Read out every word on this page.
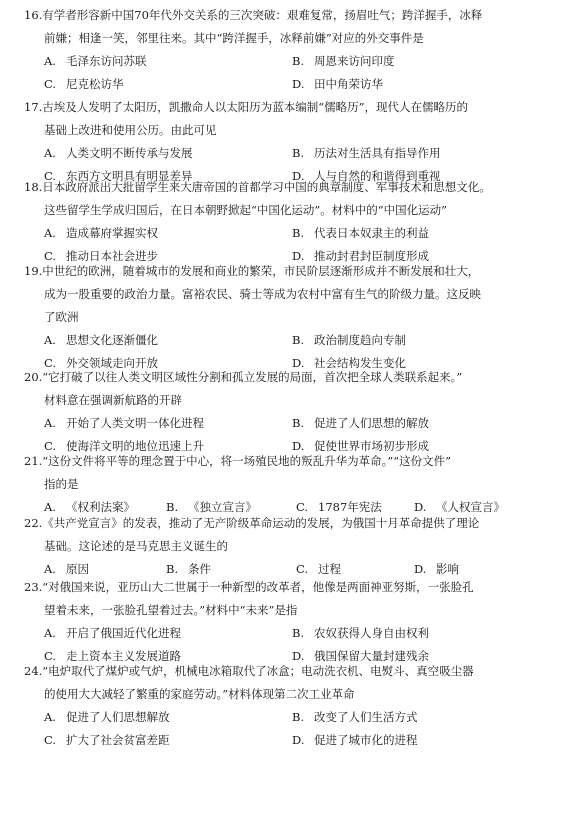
16.有学者形容新中国70年代外交关系的三次突破：艰难复常，扬眉吐气；跨洋握手，冰释
前嫌；相逢一笑，邻里往来。其中“跨洋握手，冰释前嫌”对应的外交事件是
A. 毛泽东访问苏联	B. 周恩来访问印度
C. 尼克松访华	D. 田中角荣访华
17.古埃及人发明了太阳历，凯撒命人以太阳历为蓝本编制“儒略历”，现代人在儒略历的
基础上改进和使用公历。由此可见
A. 人类文明不断传承与发展	B. 历法对生活具有指导作用
C. 东西方文明具有明显差异	D. 人与自然的和谐得到重视
18.日本政府派出大批留学生来大唐帝国的首都学习中国的典章制度、军事技术和思想文化。
这些留学生学成归国后，在日本朝野掀起“中国化运动”。材料中的“中国化运动”
A. 造成幕府掌握实权	B. 代表日本奴隶主的利益
C. 推动日本社会进步	D. 推动封君封臣制度形成
19.中世纪的欧洲，随着城市的发展和商业的繁荣，市民阶层逐渐形成并不断发展和壮大，
成为一股重要的政治力量。富裕农民、骑士等成为农村中富有生气的阶级力量。这反映
了欧洲
A. 思想文化逐渐僵化	B. 政治制度趋向专制
C. 外交领域走向开放	D. 社会结构发生变化
20.“它打破了以往人类文明区域性分割和孤立发展的局面，首次把全球人类联系起来。”
材料意在强调新航路的开辟
A. 开始了人类文明一体化进程	B. 促进了人们思想的解放
C. 使海洋文明的地位迅速上升	D. 促使世界市场初步形成
21.“这份文件将平等的理念置于中心，将一场殖民地的叛乱升华为革命。”“这份文件”
指的是
A. 《权利法案》	B. 《独立宣言》	C. 1787年宪法	D. 《人权宣言》
22.《共产党宣言》的发表，推动了无产阶级革命运动的发展，为俄国十月革命提供了理论
基础。这论述的是马克思主义诞生的
A. 原因	B. 条件	C. 过程	D. 影响
23.“对俄国来说，亚历山大二世属于一种新型的改革者，他像是两面神亚努斯，一张脸孔
望着未来，一张脸孔望着过去。”材料中“未来”是指
A. 开启了俄国近代化进程	B. 农奴获得人身自由权利
C. 走上资本主义发展道路	D. 俄国保留大量封建残余
24.“电炉取代了煤炉或气炉，机械电冰箱取代了冰盒；电动洗衣机、电熨斗、真空吸尘器
的使用大大减轻了繁重的家庭劳动。”材料体现第二次工业革命
A. 促进了人们思想解放	B. 改变了人们生活方式
C. 扩大了社会贫富差距	D. 促进了城市化的进程
